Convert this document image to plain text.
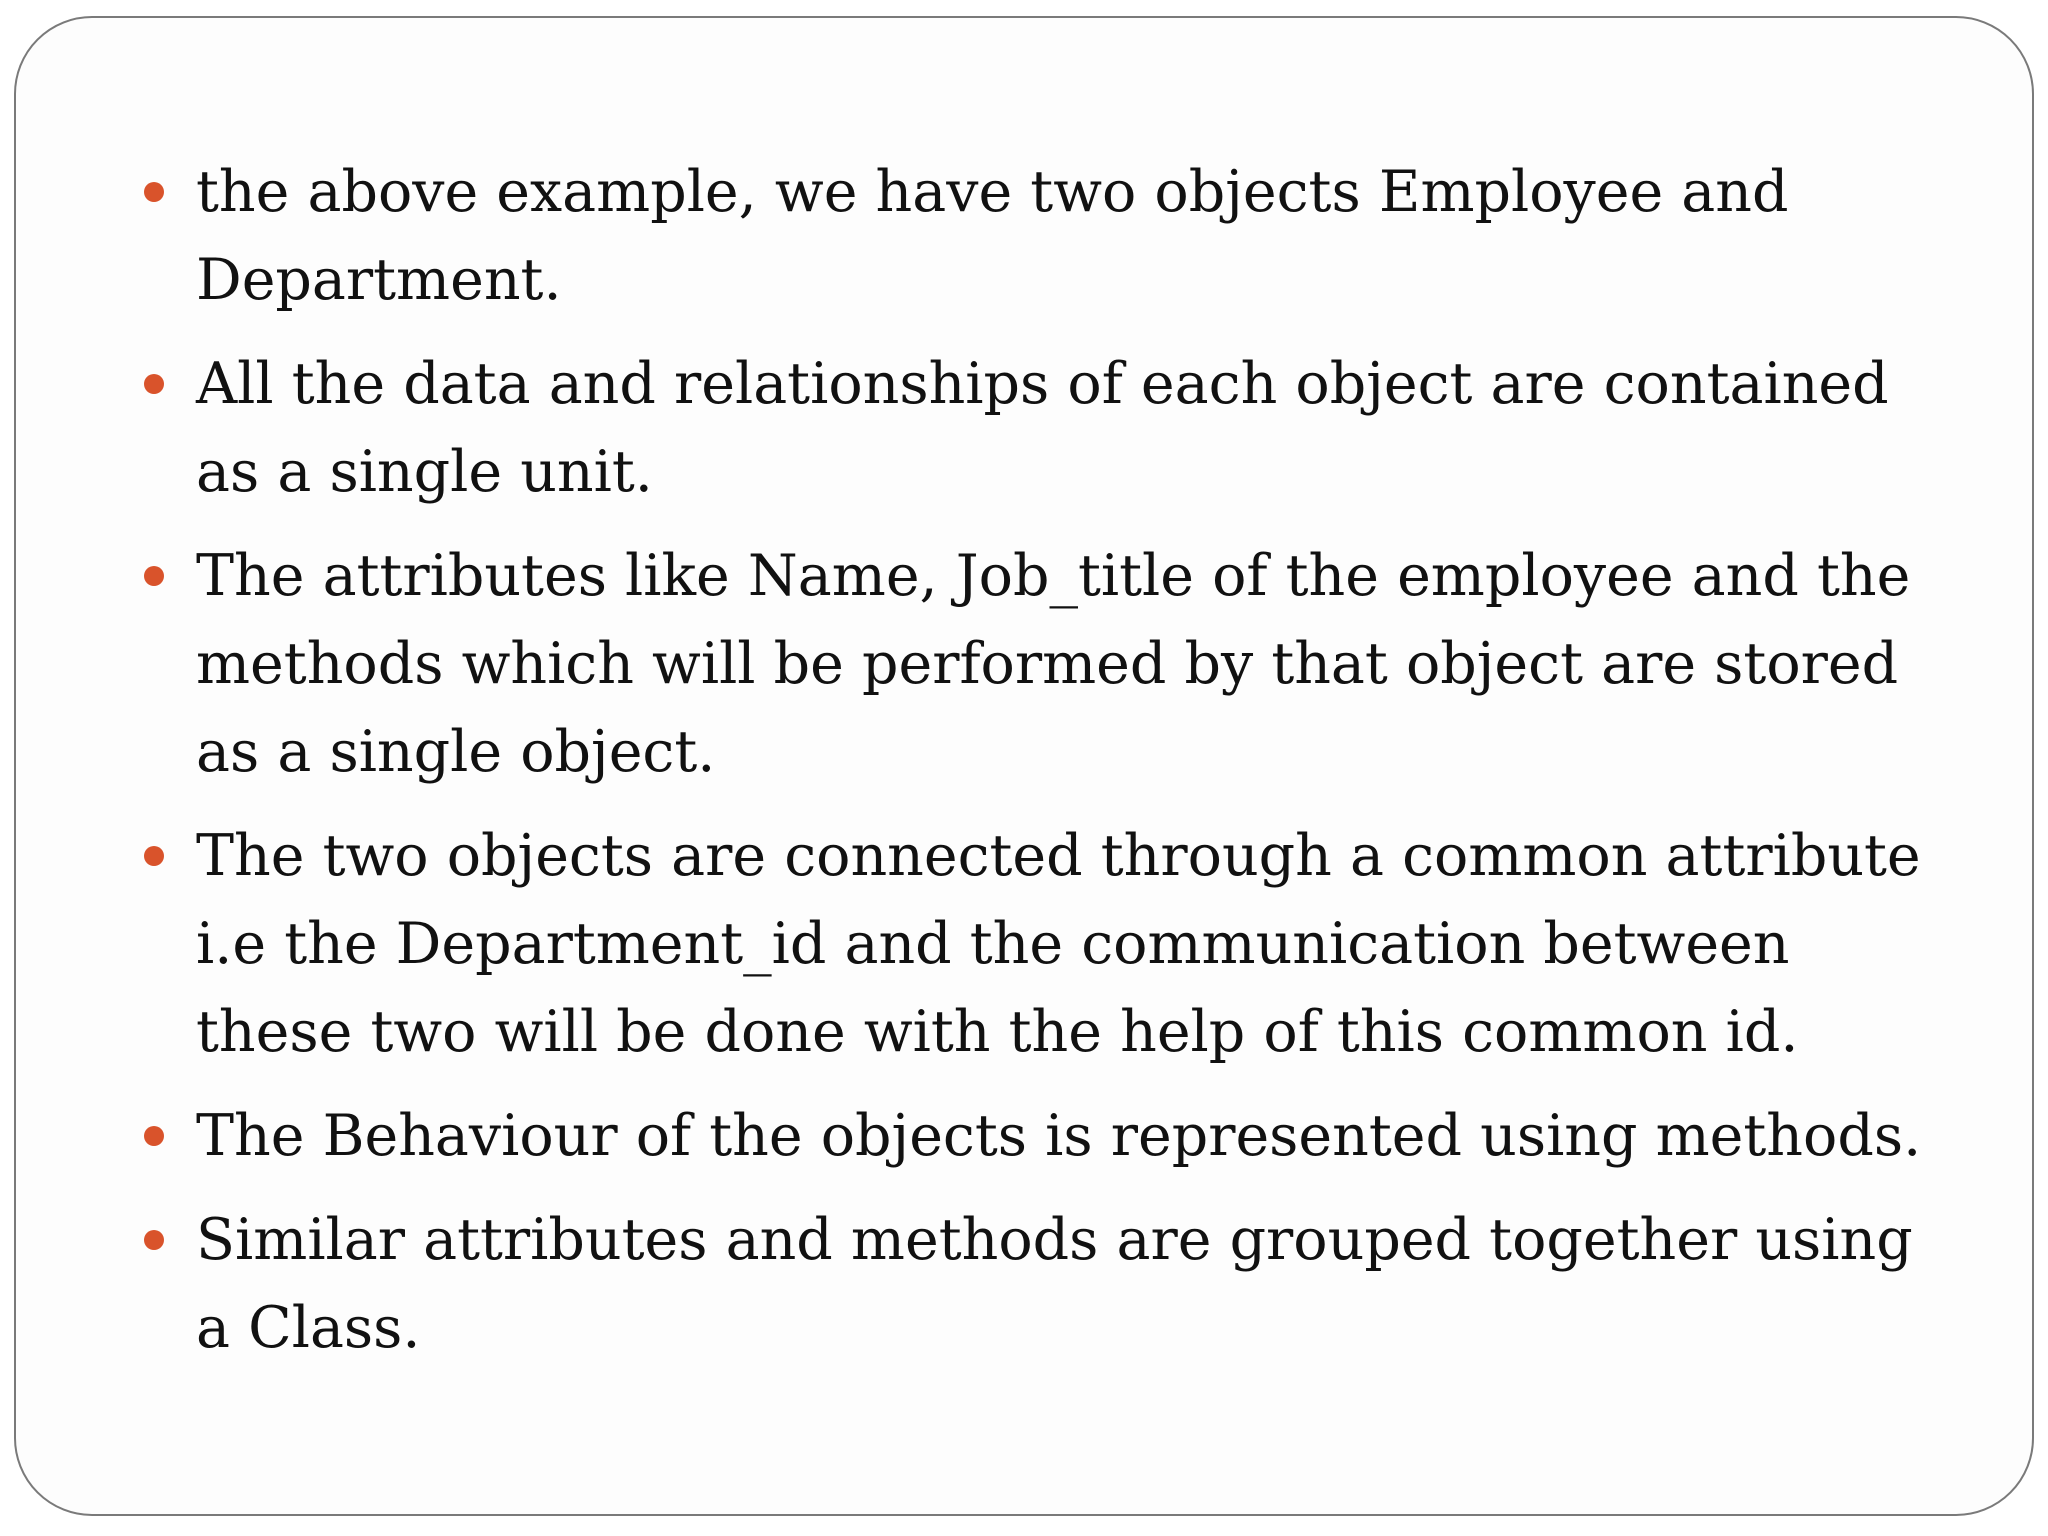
the above example, we have two objects Employee and Department.
All the data and relationships of each object are contained as a single unit.
The attributes like Name, Job_title of the employee and the methods which will be performed by that object are stored as a single object.
The two objects are connected through a common attribute i.e the Department_id and the communication between these two will be done with the help of this common id.
The Behaviour of the objects is represented using methods.
Similar attributes and methods are grouped together using a Class.
